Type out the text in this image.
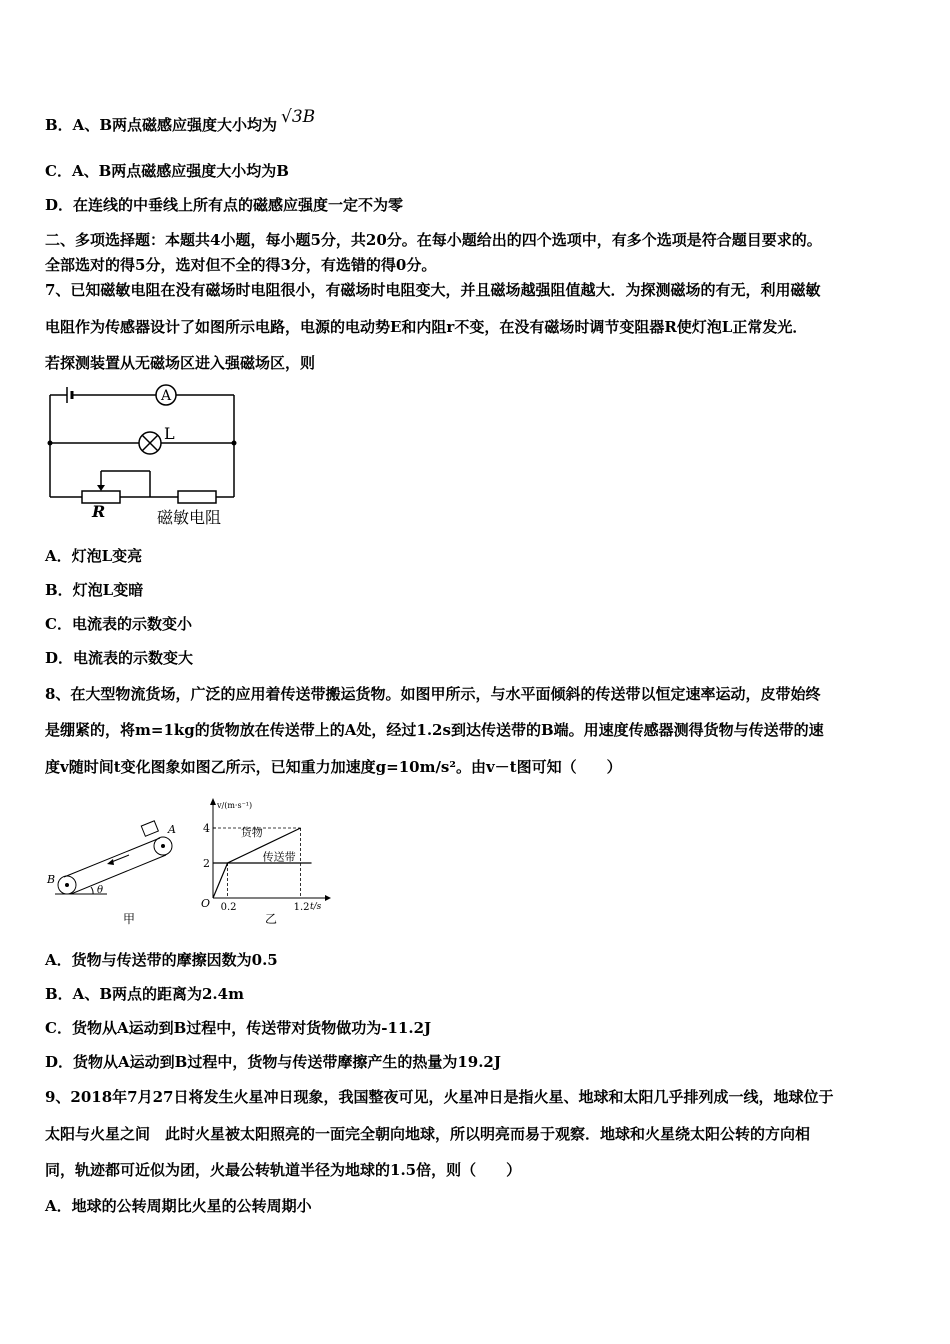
B．A、B两点磁感应强度大小均为 √3B
C．A、B两点磁感应强度大小均为B
D．在连线的中垂线上所有点的磁感应强度一定不为零
二、多项选择题：本题共4小题，每小题5分，共20分。在每小题给出的四个选项中，有多个选项是符合题目要求的。
全部选对的得5分，选对但不全的得3分，有选错的得0分。
7、已知磁敏电阻在没有磁场时电阻很小，有磁场时电阻变大，并且磁场越强阻值越大．为探测磁场的有无，利用磁敏
电阻作为传感器设计了如图所示电路，电源的电动势E和内阻r不变，在没有磁场时调节变阻器R使灯泡L正常发光．
若探测装置从无磁场区进入强磁场区，则
A
L
R	磁敏电阻
A．灯泡L变亮
B．灯泡L变暗
C．电流表的示数变小
D．电流表的示数变大
8、在大型物流货场，广泛的应用着传送带搬运货物。如图甲所示，与水平面倾斜的传送带以恒定速率运动，皮带始终
是绷紧的，将m=1kg的货物放在传送带上的A处，经过1.2s到达传送带的B端。用速度传感器测得货物与传送带的速
度v随时间t变化图象如图乙所示，已知重力加速度g=10m/s²。由v－t图可知（　　）
A
B
θ
甲
v/(m·s⁻¹)
t/s
O
乙
2
4
0.2	1.2
货物
传送带
A．货物与传送带的摩擦因数为0.5
B．A、B两点的距离为2.4m
C．货物从A运动到B过程中，传送带对货物做功为-11.2J
D．货物从A运动到B过程中，货物与传送带摩擦产生的热量为19.2J
9、2018年7月27日将发生火星冲日现象，我国整夜可见，火星冲日是指火星、地球和太阳几乎排列成一线，地球位于
太阳与火星之间　此时火星被太阳照亮的一面完全朝向地球，所以明亮而易于观察．地球和火星绕太阳公转的方向相
同，轨迹都可近似为团，火最公转轨道半径为地球的1.5倍，则（　　）
A．地球的公转周期比火星的公转周期小
